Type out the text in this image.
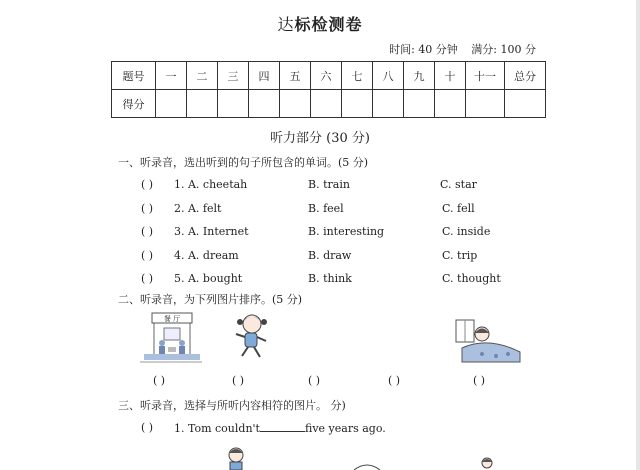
达标检测卷
时间: 40 分钟 满分: 100 分
题号	一	二	三	四	五	六	七	八	九	十	十一	总分
得分												
听力部分 (30 分)
一、听录音，选出听到的句子所包含的单词。(5 分)
( ) 1. A. cheetah	B. train	C. star
( ) 2. A. felt	B. feel	C. fell
( ) 3. A. Internet	B. interesting	C. inside
( ) 4. A. dream	B. draw	C. trip
( ) 5. A. bought	B. think	C. thought
二、听录音，为下列图片排序。(5 分)
餐 厅
( )	( )	( )	( )	( )
三、听录音，选择与所听内容相符的图片。 分)
( ) 1. Tom couldn't	five years ago.
